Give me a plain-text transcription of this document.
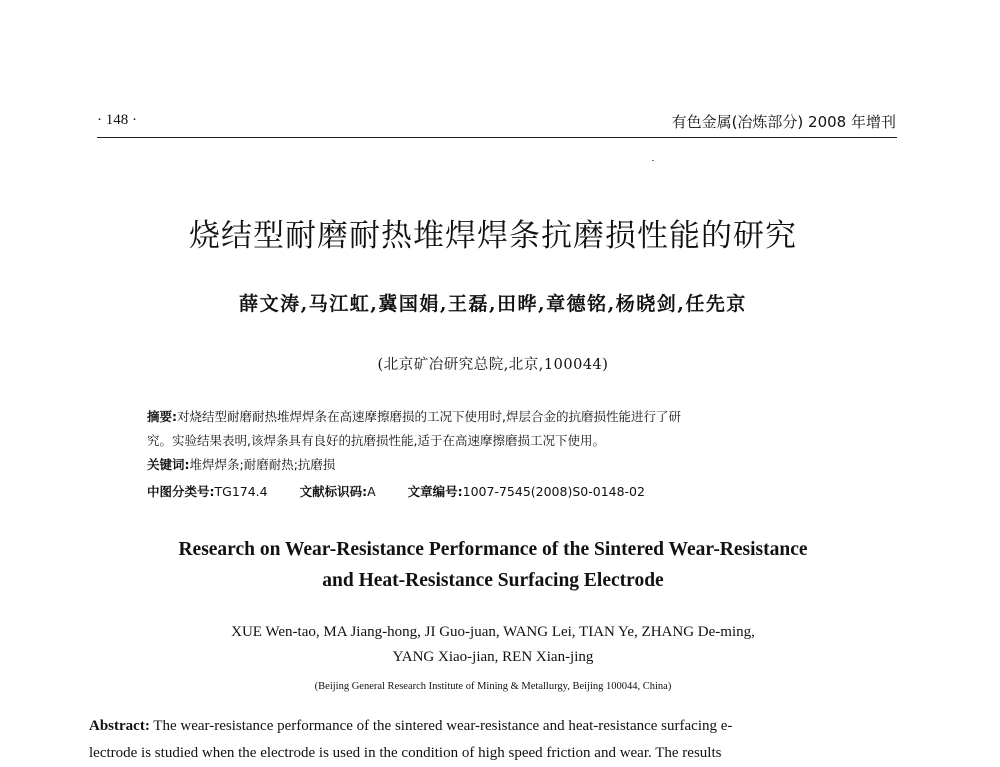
· 148 ·	有色金属(冶炼部分) 2008 年增刊
烧结型耐磨耐热堆焊焊条抗磨损性能的研究
薛文涛,马江虹,冀国娟,王磊,田晔,章德铭,杨晓剑,任先京
(北京矿冶研究总院,北京,100044)
摘要:对烧结型耐磨耐热堆焊焊条在高速摩擦磨损的工况下使用时,焊层合金的抗磨损性能进行了研
究。实验结果表明,该焊条具有良好的抗磨损性能,适于在高速摩擦磨损工况下使用。
关键词:堆焊焊条;耐磨耐热;抗磨损
中图分类号:TG174.4	文献标识码:A	文章编号:1007-7545(2008)S0-0148-02
Research on Wear-Resistance Performance of the Sintered Wear-Resistance
and Heat-Resistance Surfacing Electrode
XUE Wen-tao, MA Jiang-hong, JI Guo-juan, WANG Lei, TIAN Ye, ZHANG De-ming,
YANG Xiao-jian, REN Xian-jing
(Beijing General Research Institute of Mining & Metallurgy, Beijing 100044, China)
Abstract: The wear-resistance performance of the sintered wear-resistance and heat-resistance surfacing e-
lectrode is studied when the electrode is used in the condition of high speed friction and wear. The results
